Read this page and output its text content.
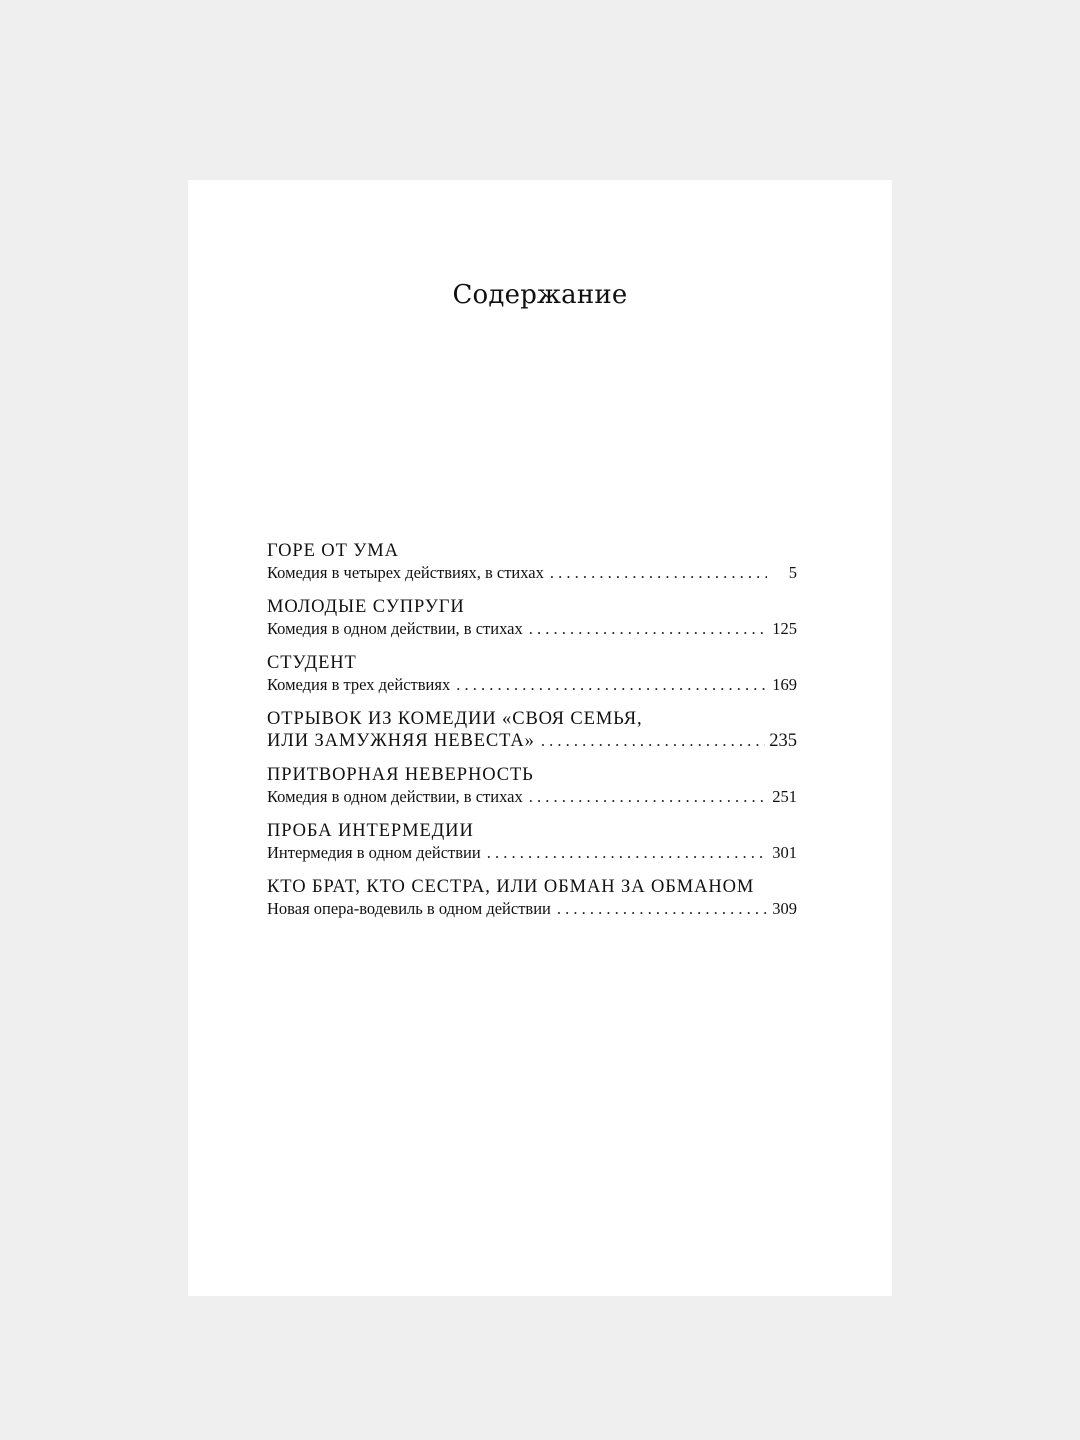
Содержание
ГОРЕ ОТ УМА
Комедия в четырех действиях, в стихах . . .	5
МОЛОДЫЕ СУПРУГИ
Комедия в одном действии, в стихах . . .	125
СТУДЕНТ
Комедия в трех действиях . . .	169
ОТРЫВОК ИЗ КОМЕДИИ «СВОЯ СЕМЬЯ,
ИЛИ ЗАМУЖНЯЯ НЕВЕСТА» . . .	235
ПРИТВОРНАЯ НЕВЕРНОСТЬ
Комедия в одном действии, в стихах . . .	251
ПРОБА ИНТЕРМЕДИИ
Интермедия в одном действии . . .	301
КТО БРАТ, КТО СЕСТРА, ИЛИ ОБМАН ЗА ОБМАНОМ
Новая опера-водевиль в одном действии . . .	309
